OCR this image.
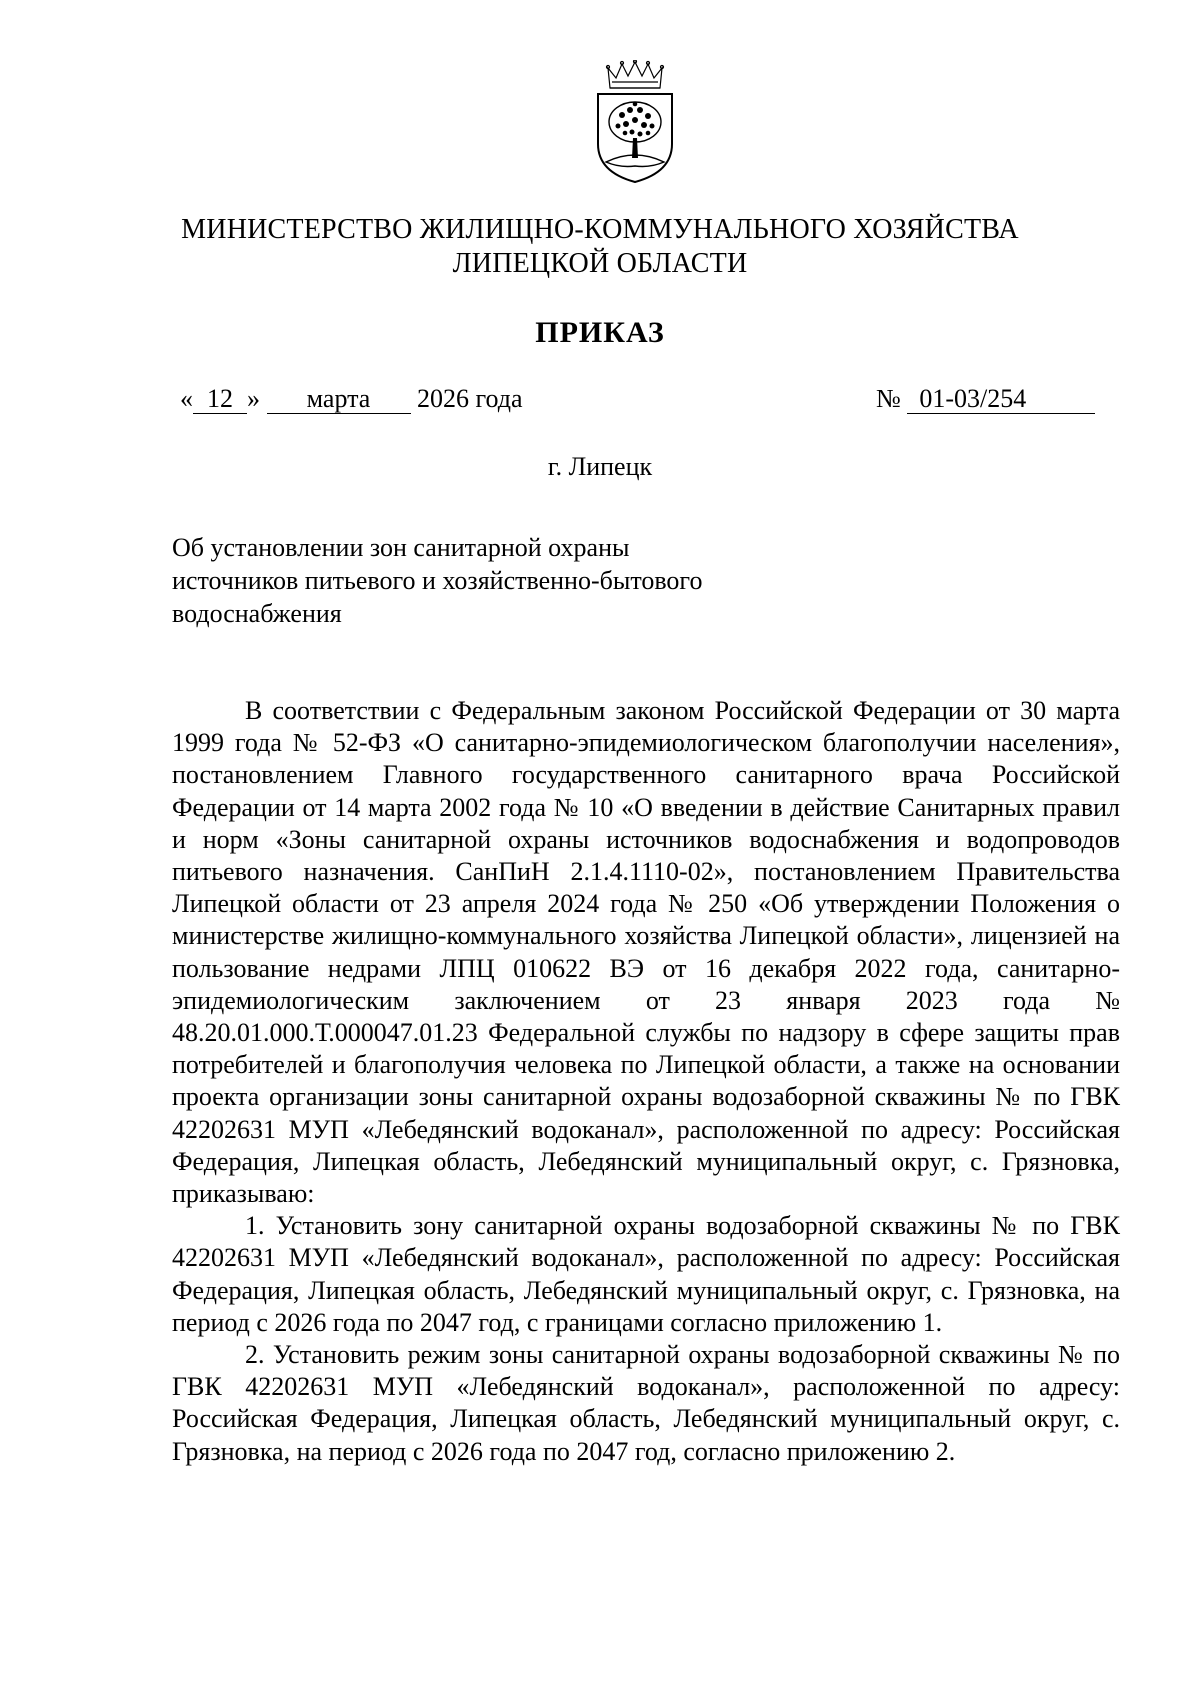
МИНИСТЕРСТВО ЖИЛИЩНО-КОММУНАЛЬНОГО ХОЗЯЙСТВА
ЛИПЕЦКОЙ ОБЛАСТИ
ПРИКАЗ
« 12 » марта 2026 года	№ 01-03/254
г. Липецк
Об установлении зон санитарной охраны
источников питьевого и хозяйственно-бытового
водоснабжения

В соответствии с Федеральным законом Российской Федерации от 30 марта 1999 года № 52-ФЗ «О санитарно-эпидемиологическом благополучии населения», постановлением Главного государственного санитарного врача Российской Федерации от 14 марта 2002 года № 10 «О введении в действие Санитарных правил и норм «Зоны санитарной охраны источников водоснабжения и водопроводов питьевого назначения. СанПиН 2.1.4.1110-02», постановлением Правительства Липецкой области от 23 апреля 2024 года № 250 «Об утверждении Положения о министерстве жилищно-коммунального хозяйства Липецкой области», лицензией на пользование недрами ЛПЦ 010622 ВЭ от 16 декабря 2022 года, санитарно-эпидемиологическим заключением от 23 января 2023 года № 48.20.01.000.Т.000047.01.23 Федеральной службы по надзору в сфере защиты прав потребителей и благополучия человека по Липецкой области, а также на основании проекта организации зоны санитарной охраны водозаборной скважины № по ГВК 42202631 МУП «Лебедянский водоканал», расположенной по адресу: Российская Федерация, Липецкая область, Лебедянский муниципальный округ, с. Грязновка, приказываю:

1. Установить зону санитарной охраны водозаборной скважины № по ГВК 42202631 МУП «Лебедянский водоканал», расположенной по адресу: Российская Федерация, Липецкая область, Лебедянский муниципальный округ, с. Грязновка, на период с 2026 года по 2047 год, с границами согласно приложению 1.

2. Установить режим зоны санитарной охраны водозаборной скважины № по ГВК 42202631 МУП «Лебедянский водоканал», расположенной по адресу: Российская Федерация, Липецкая область, Лебедянский муниципальный округ, с. Грязновка, на период с 2026 года по 2047 год, согласно приложению 2.
